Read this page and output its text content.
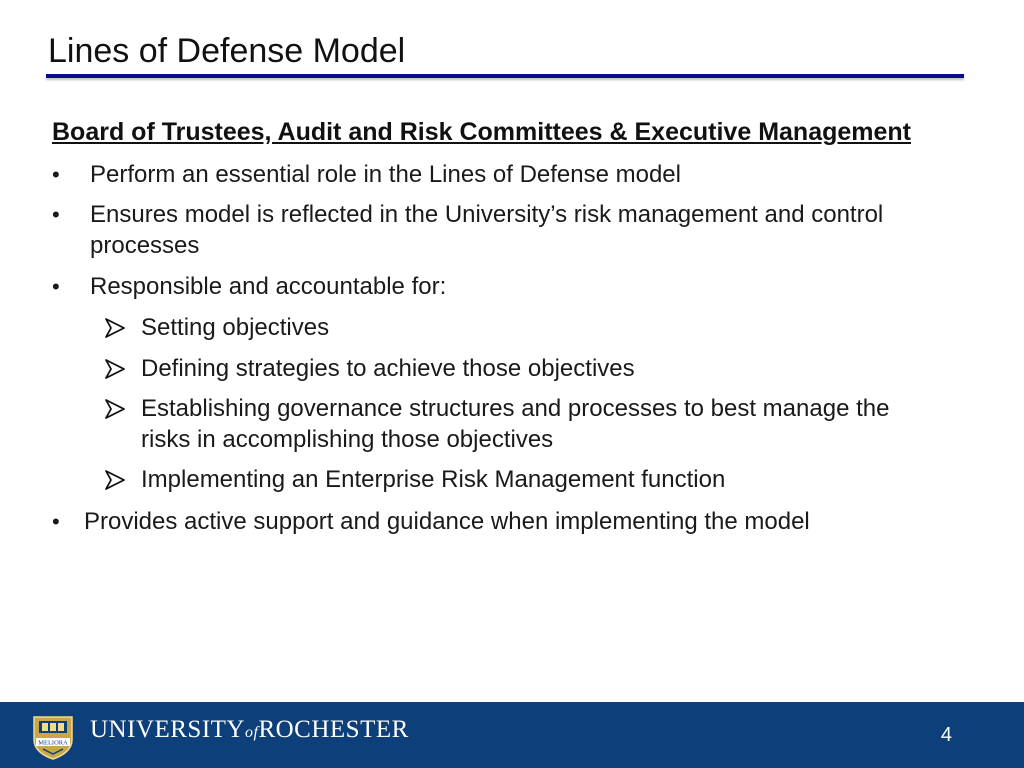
Lines of Defense Model
Board of Trustees, Audit and Risk Committees & Executive Management
• Perform an essential role in the Lines of Defense model
• Ensures model is reflected in the University’s risk management and control
processes
• Responsible and accountable for:
Setting objectives
Defining strategies to achieve those objectives
Establishing governance structures and processes to best manage the
risks in accomplishing those objectives
Implementing an Enterprise Risk Management function
• Provides active support and guidance when implementing the model
MELIORA UNIVERSITYofROCHESTER	4
